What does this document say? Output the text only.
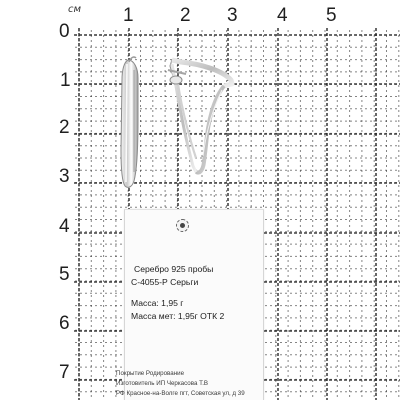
см 1 2 3 4 5
0
1
2
3
4
5
6
7
Серебро 925 пробы
С-4055-Р Серьги
Масса: 1,95 г
Масса мет: 1,95г ОТК 2
Покрытие Родирование
Изготовитель ИП Черкасова Т.В
РФ Красное-на-Волге пгт, Советская ул, д 39
